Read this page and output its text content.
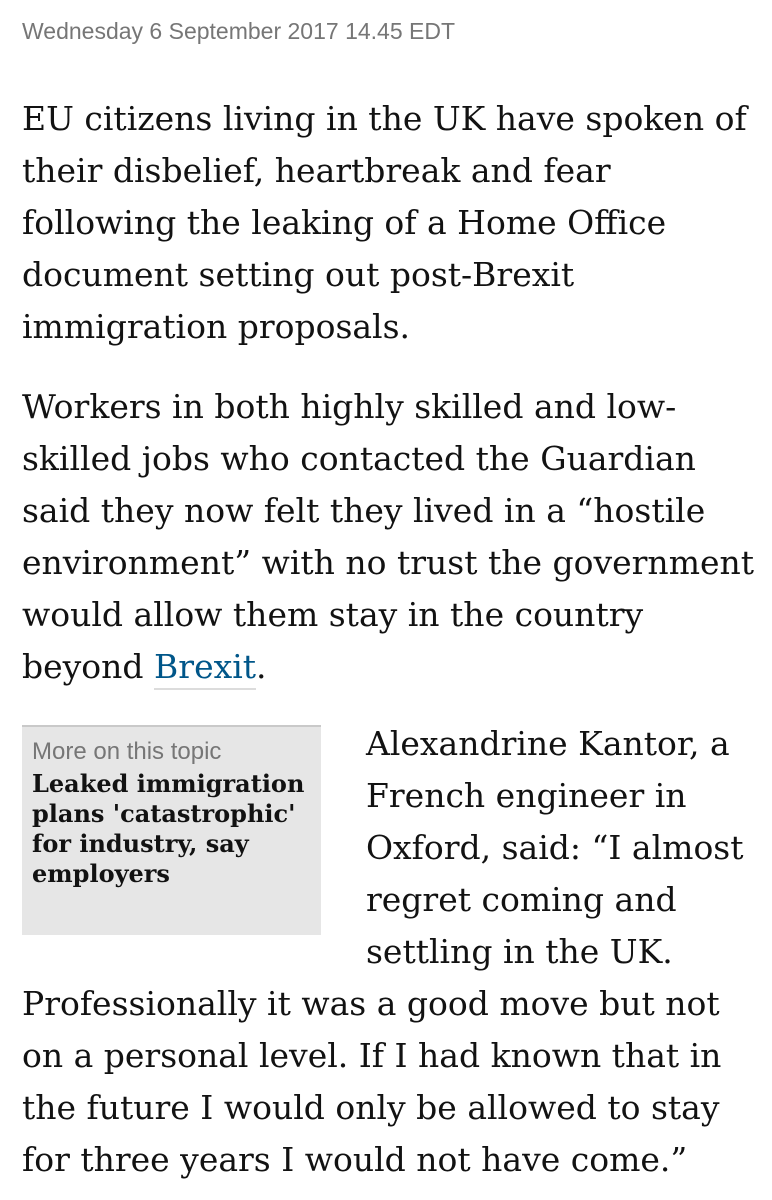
Wednesday 6 September 2017 14.45 EDT

EU citizens living in the UK have spoken of
their disbelief, heartbreak and fear
following the leaking of a Home Office
document setting out post-Brexit
immigration proposals.

Workers in both highly skilled and low-
skilled jobs who contacted the Guardian
said they now felt they lived in a “hostile
environment” with no trust the government
would allow them stay in the country
beyond Brexit.

Alexandrine Kantor, a
French engineer in
Oxford, said: “I almost
regret coming and
settling in the UK.
Professionally it was a good move but not
on a personal level. If I had known that in
the future I would only be allowed to stay
for three years I would not have come.”

More on this topic
Leaked immigration
plans 'catastrophic'
for industry, say
employers
